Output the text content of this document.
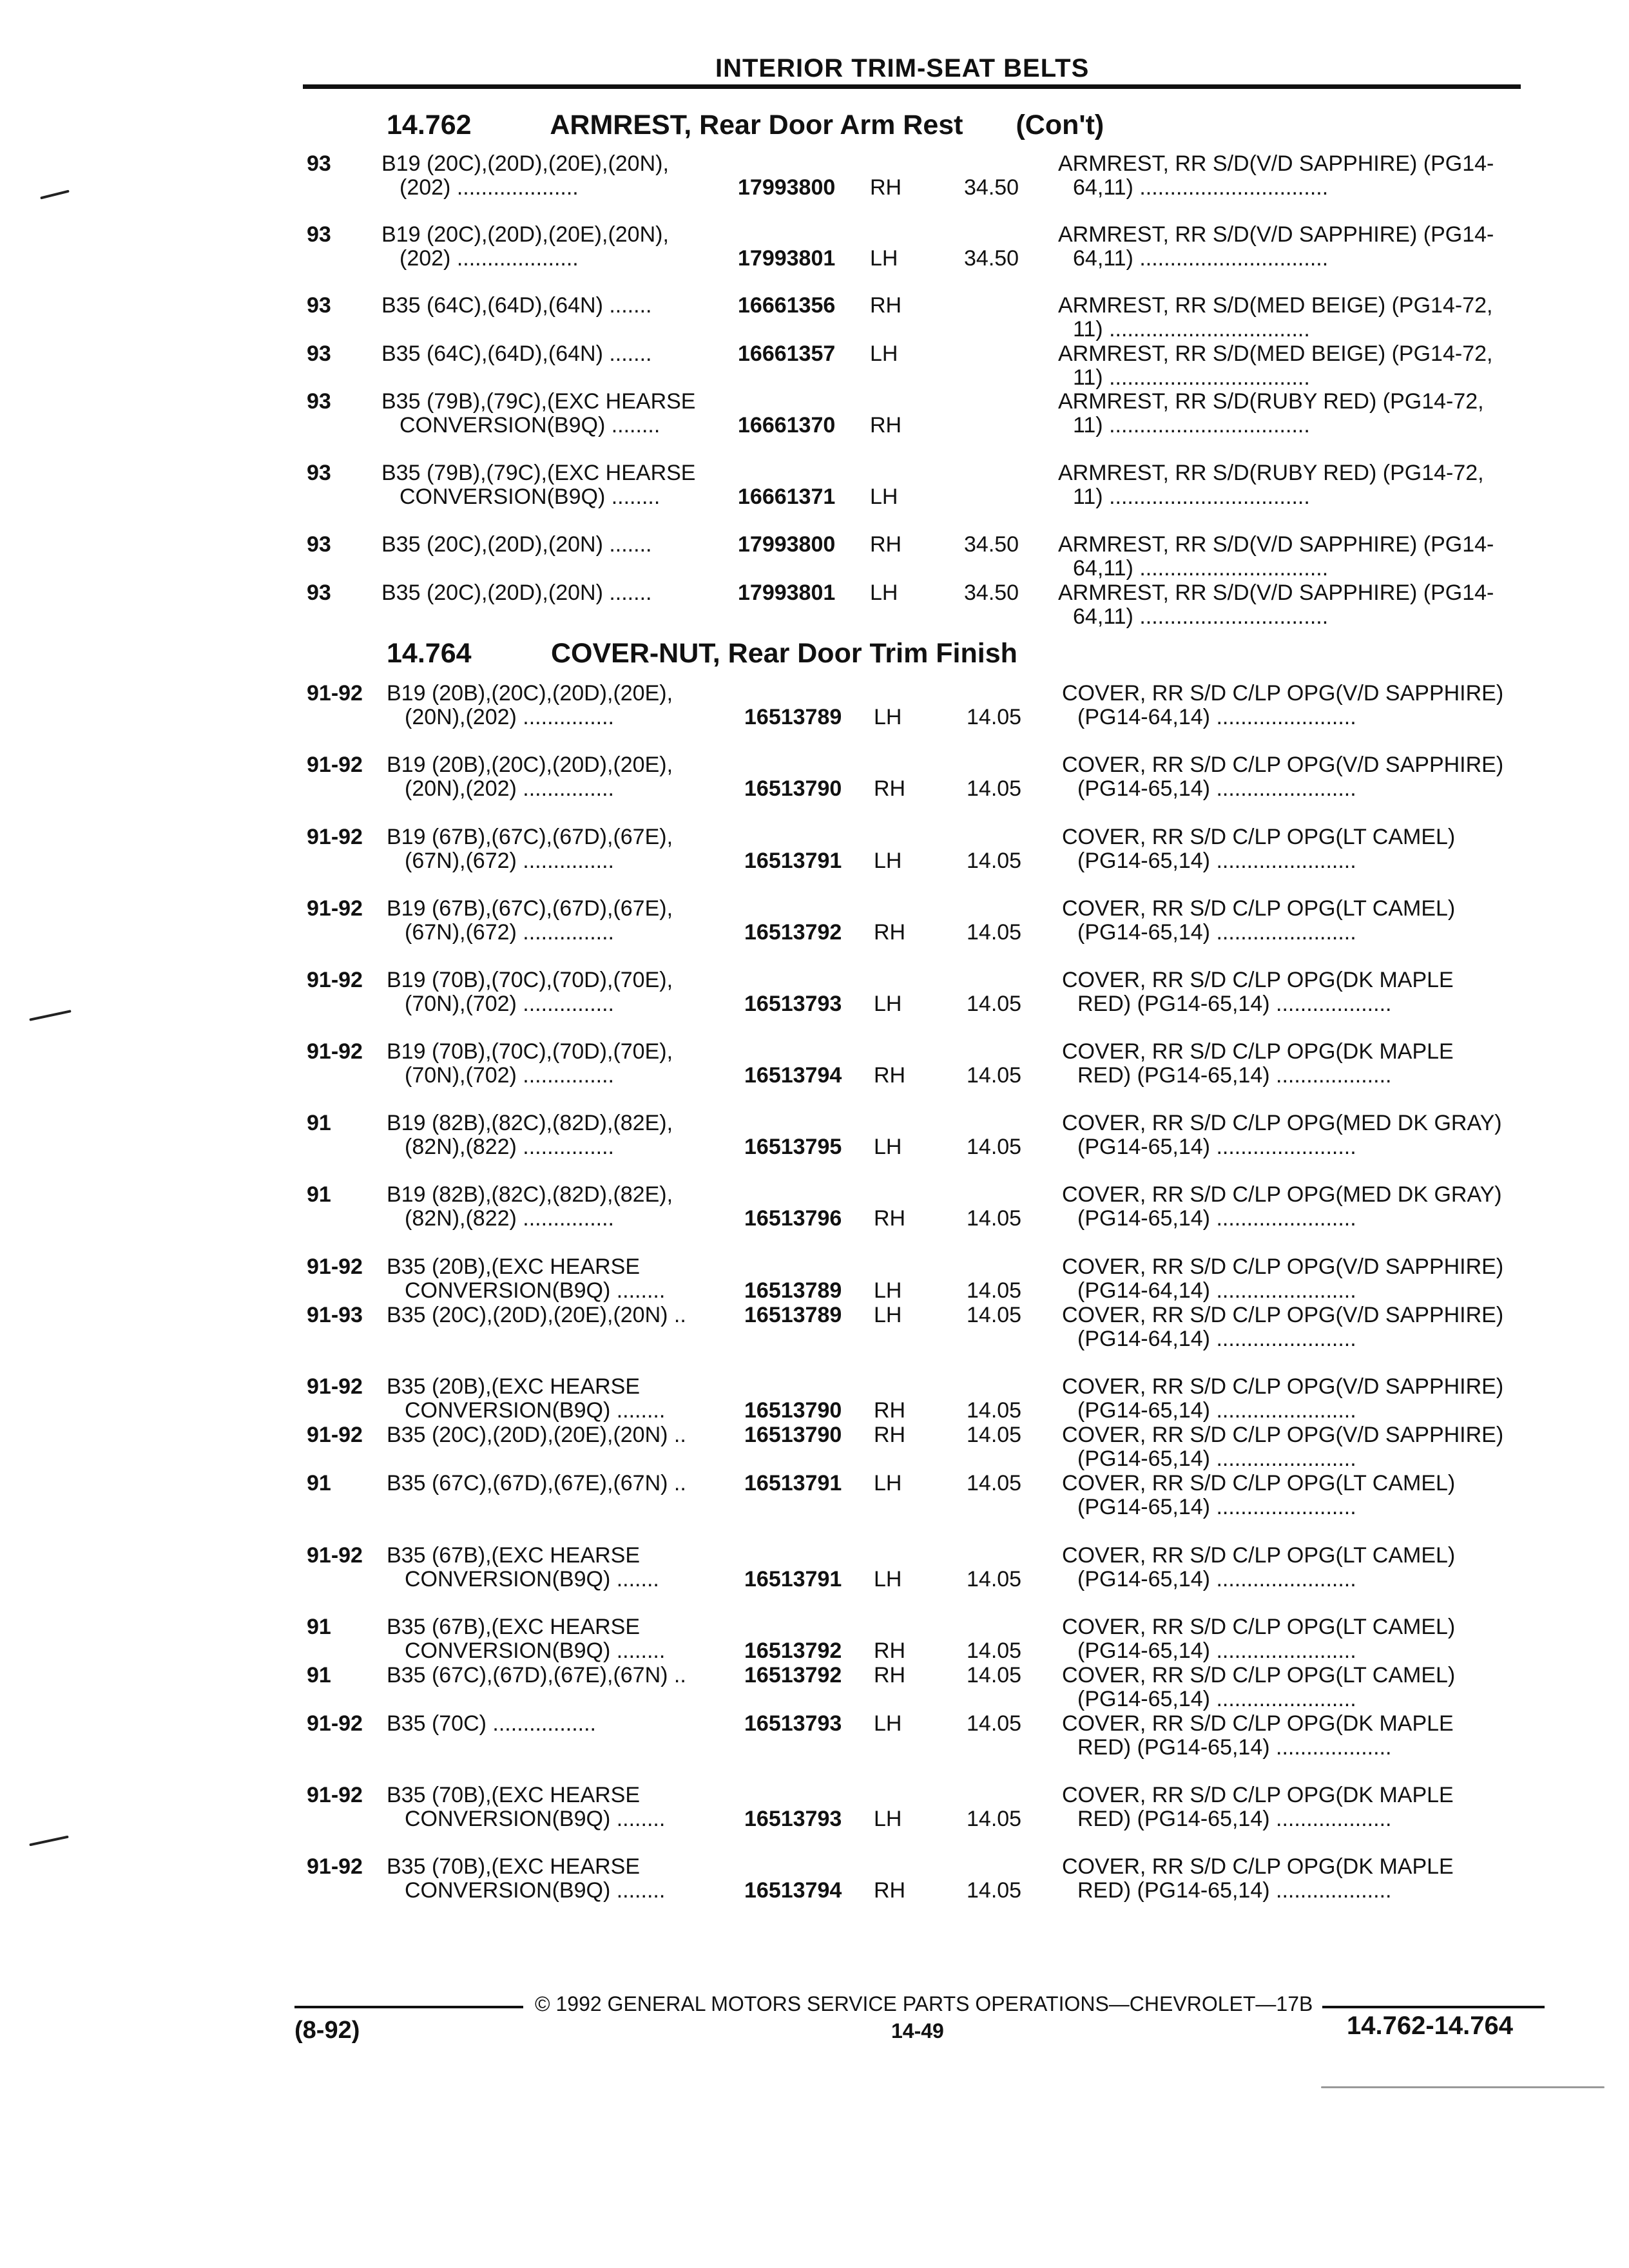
INTERIOR TRIM-SEAT BELTS
14.762	ARMREST, Rear Door Arm Rest (Con't)
93 B19 (20C),(20D),(20E),(20N),
(202) ....................	17993800 RH	34.50
ARMREST, RR S/D(V/D SAPPHIRE) (PG14-
64,11) ...............................
93 B19 (20C),(20D),(20E),(20N),
(202) ....................	17993801 LH	34.50
ARMREST, RR S/D(V/D SAPPHIRE) (PG14-
64,11) ...............................
93 B35 (64C),(64D),(64N) .......	16661356 RH	ARMREST, RR S/D(MED BEIGE) (PG14-72,
11) .................................
93 B35 (64C),(64D),(64N) .......	16661357 LH	ARMREST, RR S/D(MED BEIGE) (PG14-72,
11) .................................
93 B35 (79B),(79C),(EXC HEARSE
CONVERSION(B9Q) ........	16661370 RH
ARMREST, RR S/D(RUBY RED) (PG14-72,
11) .................................
93 B35 (79B),(79C),(EXC HEARSE
CONVERSION(B9Q) ........	16661371 LH
ARMREST, RR S/D(RUBY RED) (PG14-72,
11) .................................
93 B35 (20C),(20D),(20N) .......	17993800 RH	34.50 ARMREST, RR S/D(V/D SAPPHIRE) (PG14-
64,11) ...............................
93 B35 (20C),(20D),(20N) .......	17993801 LH	34.50 ARMREST, RR S/D(V/D SAPPHIRE) (PG14-
64,11) ...............................
14.764	COVER-NUT, Rear Door Trim Finish
91-92 B19 (20B),(20C),(20D),(20E),
(20N),(202) ...............	16513789 LH	14.05
COVER, RR S/D C/LP OPG(V/D SAPPHIRE)
(PG14-64,14) .......................
91-92 B19 (20B),(20C),(20D),(20E),
(20N),(202) ...............	16513790 RH	14.05
COVER, RR S/D C/LP OPG(V/D SAPPHIRE)
(PG14-65,14) .......................
91-92 B19 (67B),(67C),(67D),(67E),
(67N),(672) ...............	16513791 LH	14.05
COVER, RR S/D C/LP OPG(LT CAMEL)
(PG14-65,14) .......................
91-92 B19 (67B),(67C),(67D),(67E),
(67N),(672) ...............	16513792 RH	14.05
COVER, RR S/D C/LP OPG(LT CAMEL)
(PG14-65,14) .......................
91-92 B19 (70B),(70C),(70D),(70E),
(70N),(702) ...............	16513793 LH	14.05
COVER, RR S/D C/LP OPG(DK MAPLE
RED) (PG14-65,14) ...................
91-92 B19 (70B),(70C),(70D),(70E),
(70N),(702) ...............	16513794 RH	14.05
COVER, RR S/D C/LP OPG(DK MAPLE
RED) (PG14-65,14) ...................
91	B19 (82B),(82C),(82D),(82E),
(82N),(822) ...............	16513795 LH	14.05
COVER, RR S/D C/LP OPG(MED DK GRAY)
(PG14-65,14) .......................
91	B19 (82B),(82C),(82D),(82E),
(82N),(822) ...............	16513796 RH	14.05
COVER, RR S/D C/LP OPG(MED DK GRAY)
(PG14-65,14) .......................
91-92 B35 (20B),(EXC HEARSE
CONVERSION(B9Q) ........	16513789 LH	14.05
COVER, RR S/D C/LP OPG(V/D SAPPHIRE)
(PG14-64,14) .......................
91-93 B35 (20C),(20D),(20E),(20N) ..	16513789 LH	14.05 COVER, RR S/D C/LP OPG(V/D SAPPHIRE)
(PG14-64,14) .......................
91-92 B35 (20B),(EXC HEARSE
CONVERSION(B9Q) ........	16513790 RH	14.05
COVER, RR S/D C/LP OPG(V/D SAPPHIRE)
(PG14-65,14) .......................
91-92 B35 (20C),(20D),(20E),(20N) ..	16513790 RH	14.05 COVER, RR S/D C/LP OPG(V/D SAPPHIRE)
(PG14-65,14) .......................
91	B35 (67C),(67D),(67E),(67N) ..	16513791 LH	14.05 COVER, RR S/D C/LP OPG(LT CAMEL)
(PG14-65,14) .......................
91-92 B35 (67B),(EXC HEARSE
CONVERSION(B9Q) .......	16513791 LH	14.05
COVER, RR S/D C/LP OPG(LT CAMEL)
(PG14-65,14) .......................
91	B35 (67B),(EXC HEARSE
CONVERSION(B9Q) ........	16513792 RH	14.05
COVER, RR S/D C/LP OPG(LT CAMEL)
(PG14-65,14) .......................
91	B35 (67C),(67D),(67E),(67N) ..	16513792 RH	14.05 COVER, RR S/D C/LP OPG(LT CAMEL)
(PG14-65,14) .......................
91-92 B35 (70C) .................	16513793 LH	14.05 COVER, RR S/D C/LP OPG(DK MAPLE
RED) (PG14-65,14) ...................
91-92 B35 (70B),(EXC HEARSE
CONVERSION(B9Q) ........	16513793 LH	14.05
COVER, RR S/D C/LP OPG(DK MAPLE
RED) (PG14-65,14) ...................
91-92 B35 (70B),(EXC HEARSE
CONVERSION(B9Q) ........	16513794 RH	14.05
COVER, RR S/D C/LP OPG(DK MAPLE
RED) (PG14-65,14) ...................
© 1992 GENERAL MOTORS SERVICE PARTS OPERATIONS—CHEVROLET—17B
(8-92)	14-49	14.762-14.764
